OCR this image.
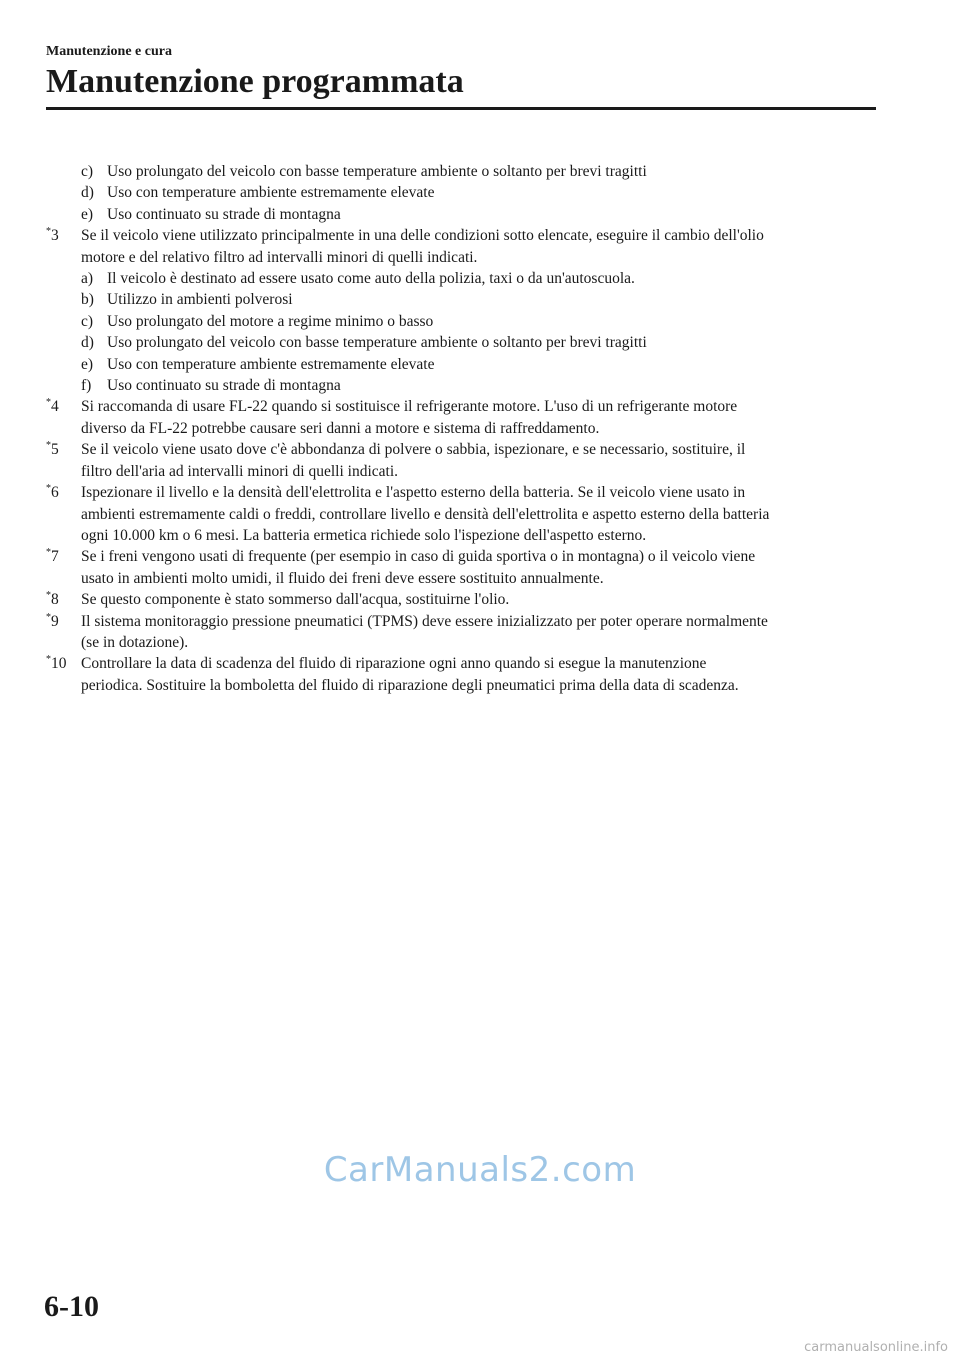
Manutenzione e cura
Manutenzione programmata
c) Uso prolungato del veicolo con basse temperature ambiente o soltanto per brevi tragitti
d) Uso con temperature ambiente estremamente elevate
e) Uso continuato su strade di montagna
*3 Se il veicolo viene utilizzato principalmente in una delle condizioni sotto elencate, eseguire il cambio dell'olio
motore e del relativo filtro ad intervalli minori di quelli indicati.
a) Il veicolo è destinato ad essere usato come auto della polizia, taxi o da un'autoscuola.
b) Utilizzo in ambienti polverosi
c) Uso prolungato del motore a regime minimo o basso
d) Uso prolungato del veicolo con basse temperature ambiente o soltanto per brevi tragitti
e) Uso con temperature ambiente estremamente elevate
f) Uso continuato su strade di montagna
*4 Si raccomanda di usare FL-22 quando si sostituisce il refrigerante motore. L'uso di un refrigerante motore
diverso da FL-22 potrebbe causare seri danni a motore e sistema di raffreddamento.
*5 Se il veicolo viene usato dove c'è abbondanza di polvere o sabbia, ispezionare, e se necessario, sostituire, il
filtro dell'aria ad intervalli minori di quelli indicati.
*6 Ispezionare il livello e la densità dell'elettrolita e l'aspetto esterno della batteria. Se il veicolo viene usato in
ambienti estremamente caldi o freddi, controllare livello e densità dell'elettrolita e aspetto esterno della batteria
ogni 10.000 km o 6 mesi. La batteria ermetica richiede solo l'ispezione dell'aspetto esterno.
*7 Se i freni vengono usati di frequente (per esempio in caso di guida sportiva o in montagna) o il veicolo viene
usato in ambienti molto umidi, il fluido dei freni deve essere sostituito annualmente.
*8 Se questo componente è stato sommerso dall'acqua, sostituirne l'olio.
*9 Il sistema monitoraggio pressione pneumatici (TPMS) deve essere inizializzato per poter operare normalmente
(se in dotazione).
*10 Controllare la data di scadenza del fluido di riparazione ogni anno quando si esegue la manutenzione
periodica. Sostituire la bomboletta del fluido di riparazione degli pneumatici prima della data di scadenza.
CarManuals2.com
6-10
carmanualsonline.info
